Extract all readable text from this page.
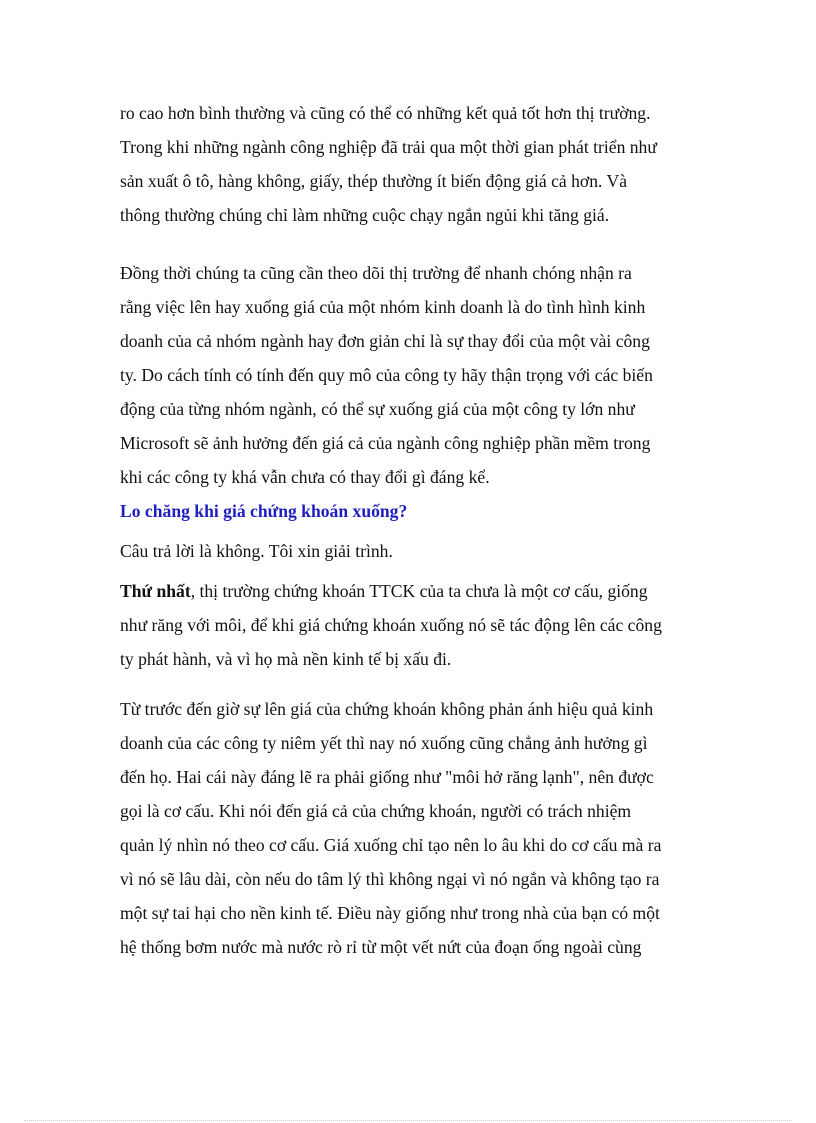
ro cao hơn bình thường và cũng có thể có những kết quả tốt hơn thị trường.
Trong khi những ngành công nghiệp đã trải qua một thời gian phát triển như
sản xuất ô tô, hàng không, giấy, thép thường ít biến động giá cả hơn. Và
thông thường chúng chỉ làm những cuộc chạy ngắn ngủi khi tăng giá.

Đồng thời chúng ta cũng cần theo dõi thị trường để nhanh chóng nhận ra
rằng việc lên hay xuống giá của một nhóm kinh doanh là do tình hình kinh
doanh của cả nhóm ngành hay đơn giản chỉ là sự thay đổi của một vài công
ty. Do cách tính có tính đến quy mô của công ty hãy thận trọng với các biến
động của từng nhóm ngành, có thể sự xuống giá của một công ty lớn như
Microsoft sẽ ảnh hưởng đến giá cả của ngành công nghiệp phần mềm trong
khi các công ty khá vẫn chưa có thay đổi gì đáng kể.

Lo chăng khi giá chứng khoán xuống?

Câu trả lời là không. Tôi xin giải trình.

Thứ nhất, thị trường chứng khoán TTCK của ta chưa là một cơ cấu, giống
như răng với môi, để khi giá chứng khoán xuống nó sẽ tác động lên các công
ty phát hành, và vì họ mà nền kinh tế bị xấu đi.

Từ trước đến giờ sự lên giá của chứng khoán không phản ánh hiệu quả kinh
doanh của các công ty niêm yết thì nay nó xuống cũng chẳng ảnh hưởng gì
đến họ. Hai cái này đáng lẽ ra phải giống như "môi hở răng lạnh", nên được
gọi là cơ cấu. Khi nói đến giá cả của chứng khoán, người có trách nhiệm
quản lý nhìn nó theo cơ cấu. Giá xuống chỉ tạo nên lo âu khi do cơ cấu mà ra
vì nó sẽ lâu dài, còn nếu do tâm lý thì không ngại vì nó ngắn và không tạo ra
một sự tai hại cho nền kinh tế. Điều này giống như trong nhà của bạn có một
hệ thống bơm nước mà nước rò rỉ từ một vết nứt của đoạn ống ngoài cùng
